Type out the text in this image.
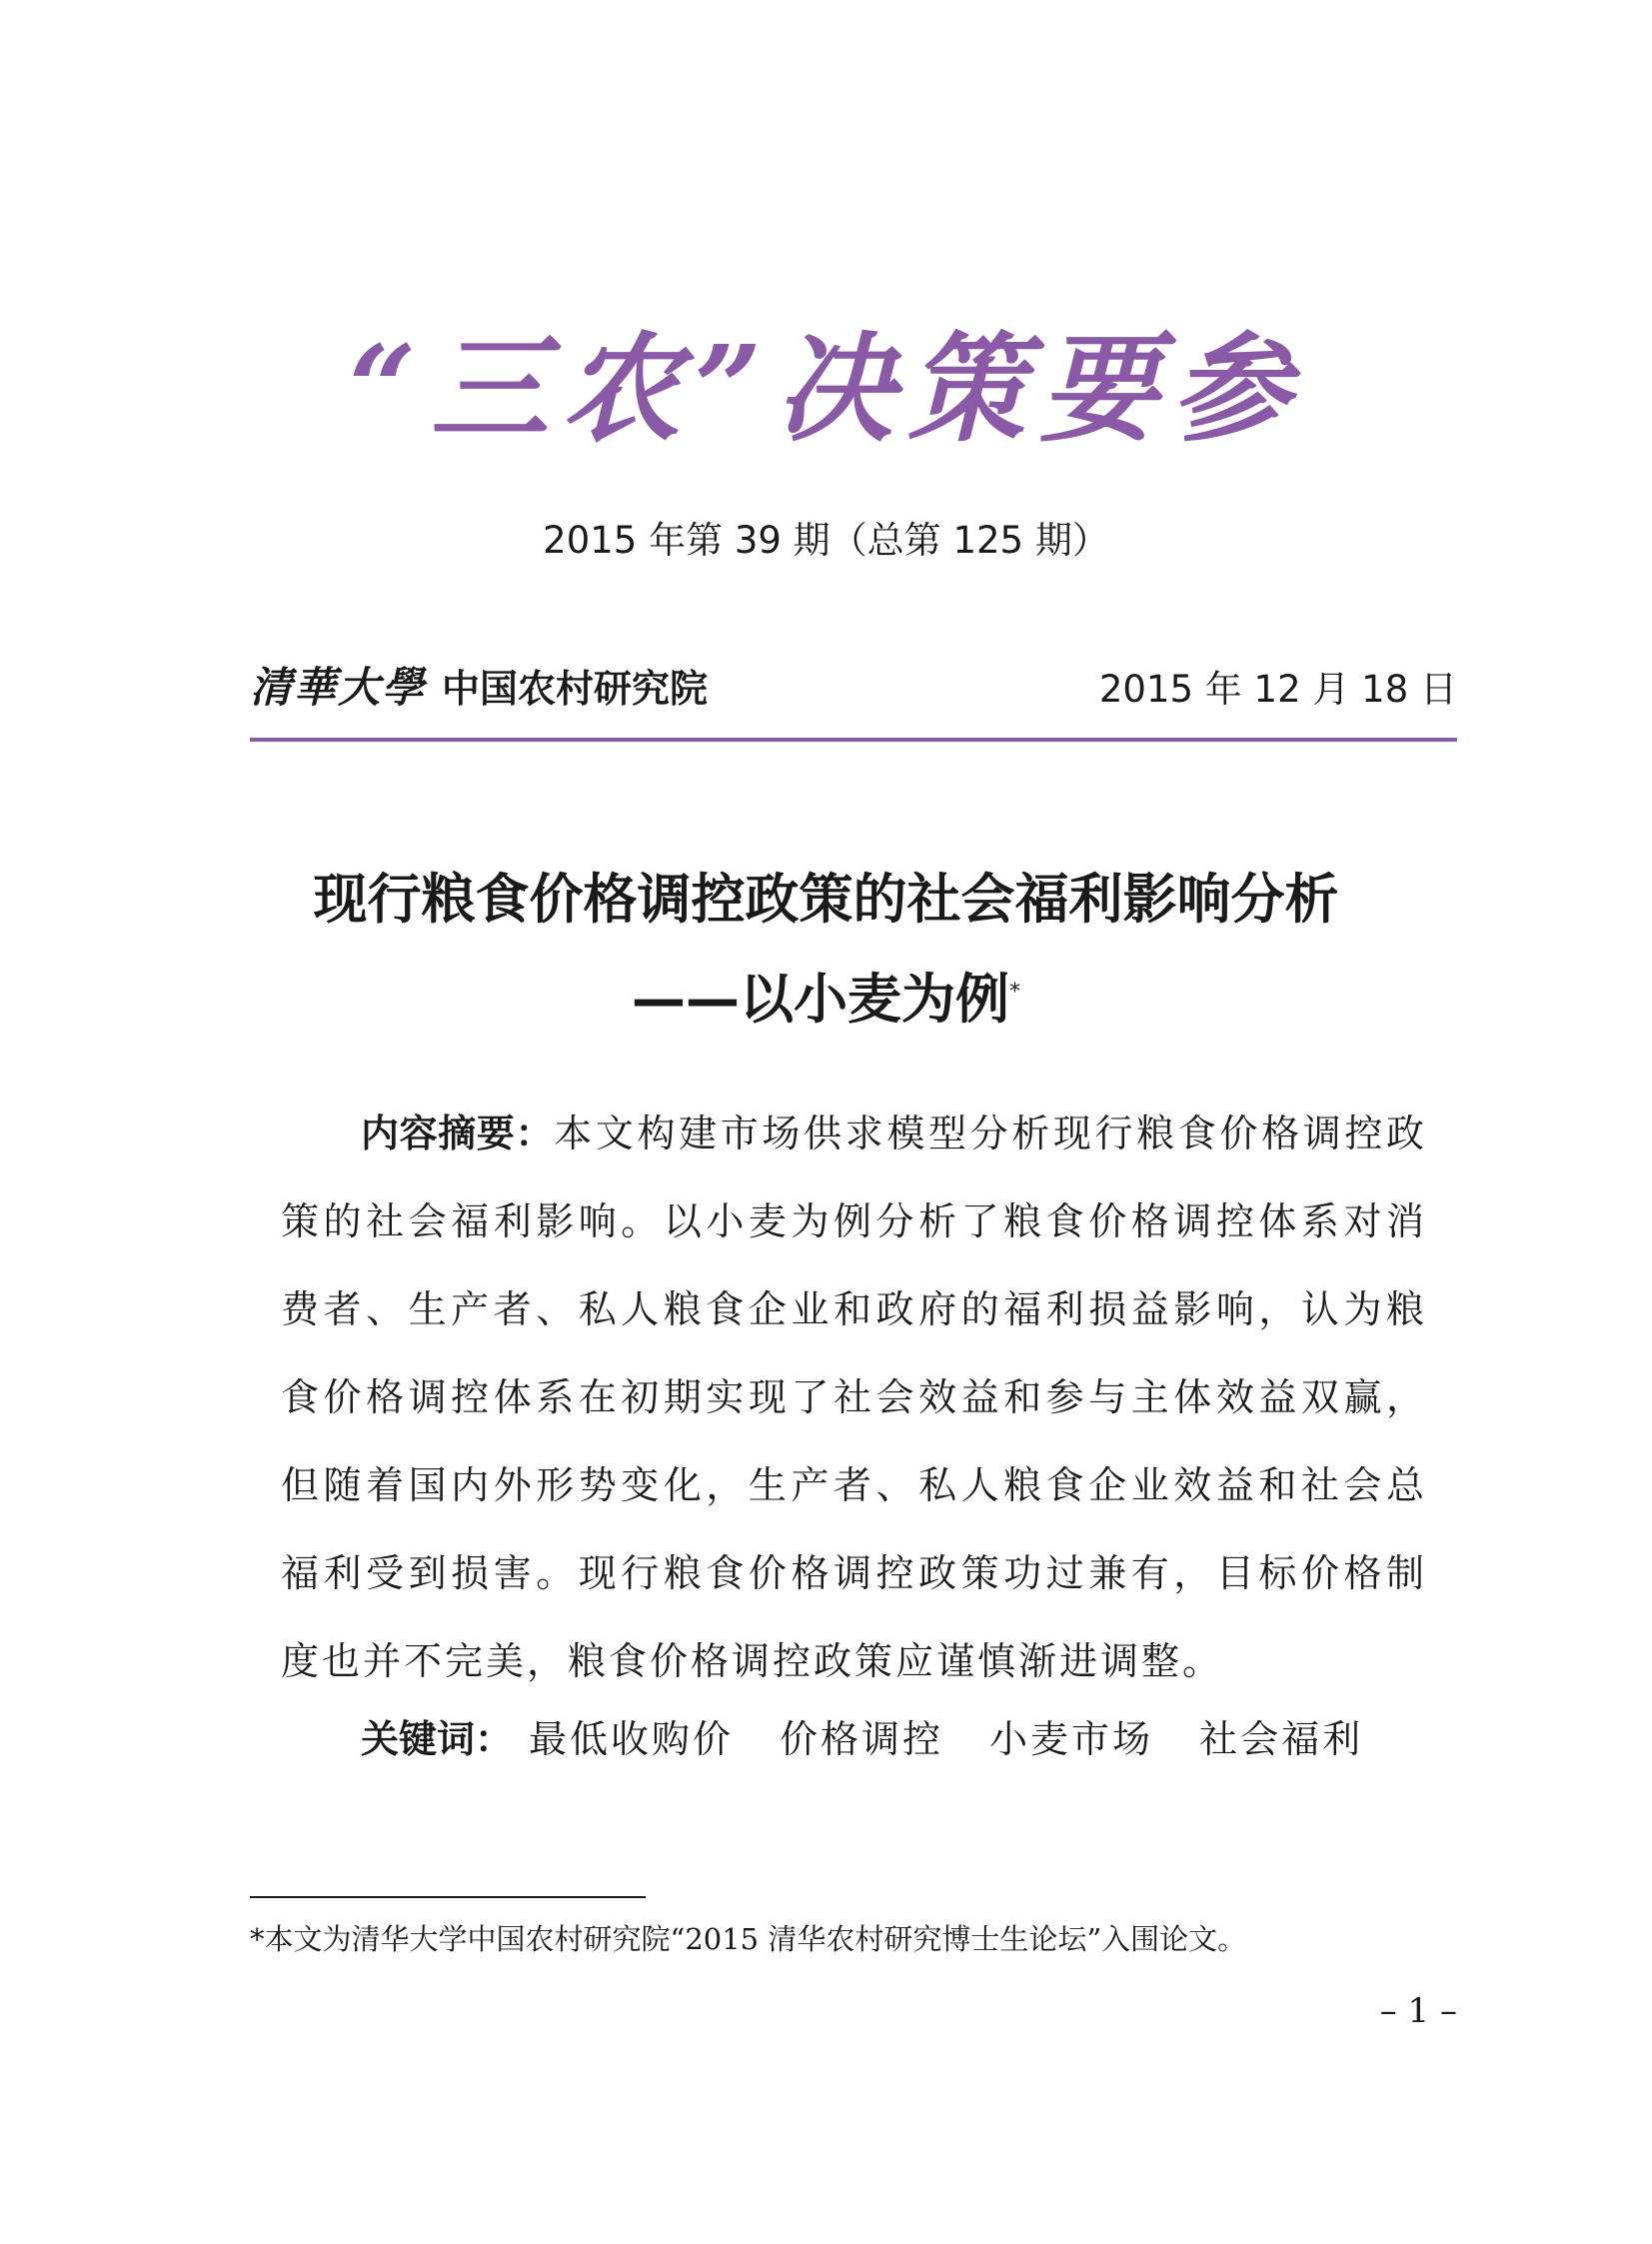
“三农”决策要参
2015 年第 39 期（总第 125 期）
清華大學 中国农村研究院	2015 年 12 月 18 日
现行粮食价格调控政策的社会福利影响分析
——以小麦为例*
内容摘要：本文构建市场供求模型分析现行粮食价格调控政策的社会福利影响。以小麦为例分析了粮食价格调控体系对消费者、生产者、私人粮食企业和政府的福利损益影响，认为粮食价格调控体系在初期实现了社会效益和参与主体效益双赢，但随着国内外形势变化，生产者、私人粮食企业效益和社会总福利受到损害。现行粮食价格调控政策功过兼有，目标价格制度也并不完美，粮食价格调控政策应谨慎渐进调整。
关键词： 最低收购价 价格调控 小麦市场 社会福利
*本文为清华大学中国农村研究院“2015 清华农村研究博士生论坛”入围论文。
– 1 –
